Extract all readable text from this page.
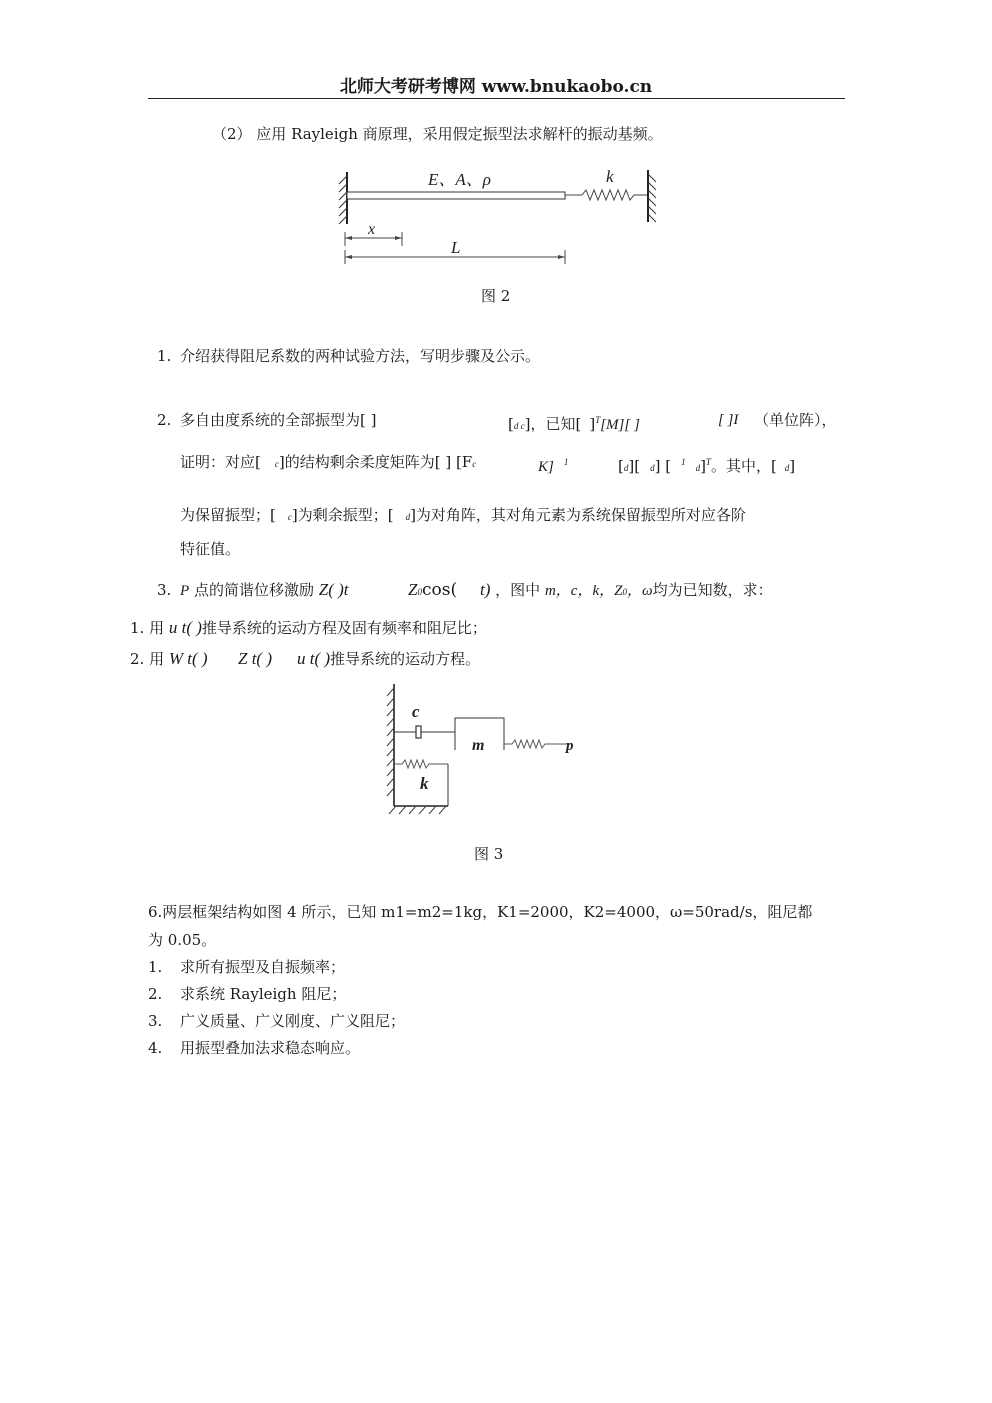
北师大考研考博网 www.bnukaobo.cn
（2） 应用 Rayleigh 商原理，采用假定振型法求解杆的振动基频。
E、A、ρ	k
x
L
图 2
1. 介绍获得阻尼系数的两种试验方法，写明步骤及公示。
2. 多自由度系统的全部振型为[ ]	[d c]，已知[ ]$^T$[M][ ]	[ ]I （单位阵），
证明：对应[ c]的结构剩余柔度矩阵为[ ] [Fc	K] $^1$	[d][ d] [ $^1$d]$^T$。其中，[ d]
为保留振型；[ c]为剩余振型；[ d]为对角阵，其对角元素为系统保留振型所对应各阶
特征值。
3. P 点的简谐位移激励 Z( )t	Z0cos( t) ，图中 m，c，k，Z0，ω均为已知数，求：
1. 用 u t( )推导系统的运动方程及固有频率和阻尼比；
2. 用 W t( ) Z t( ) u t( )推导系统的运动方程。
c
m
k
p
图 3
6.两层框架结构如图 4 所示，已知 m1=m2=1kg，K1=2000，K2=4000，ω=50rad/s，阻尼都
为 0.05。
1. 求所有振型及自振频率；
2. 求系统 Rayleigh 阻尼；
3. 广义质量、广义刚度、广义阻尼；
4. 用振型叠加法求稳态响应。
